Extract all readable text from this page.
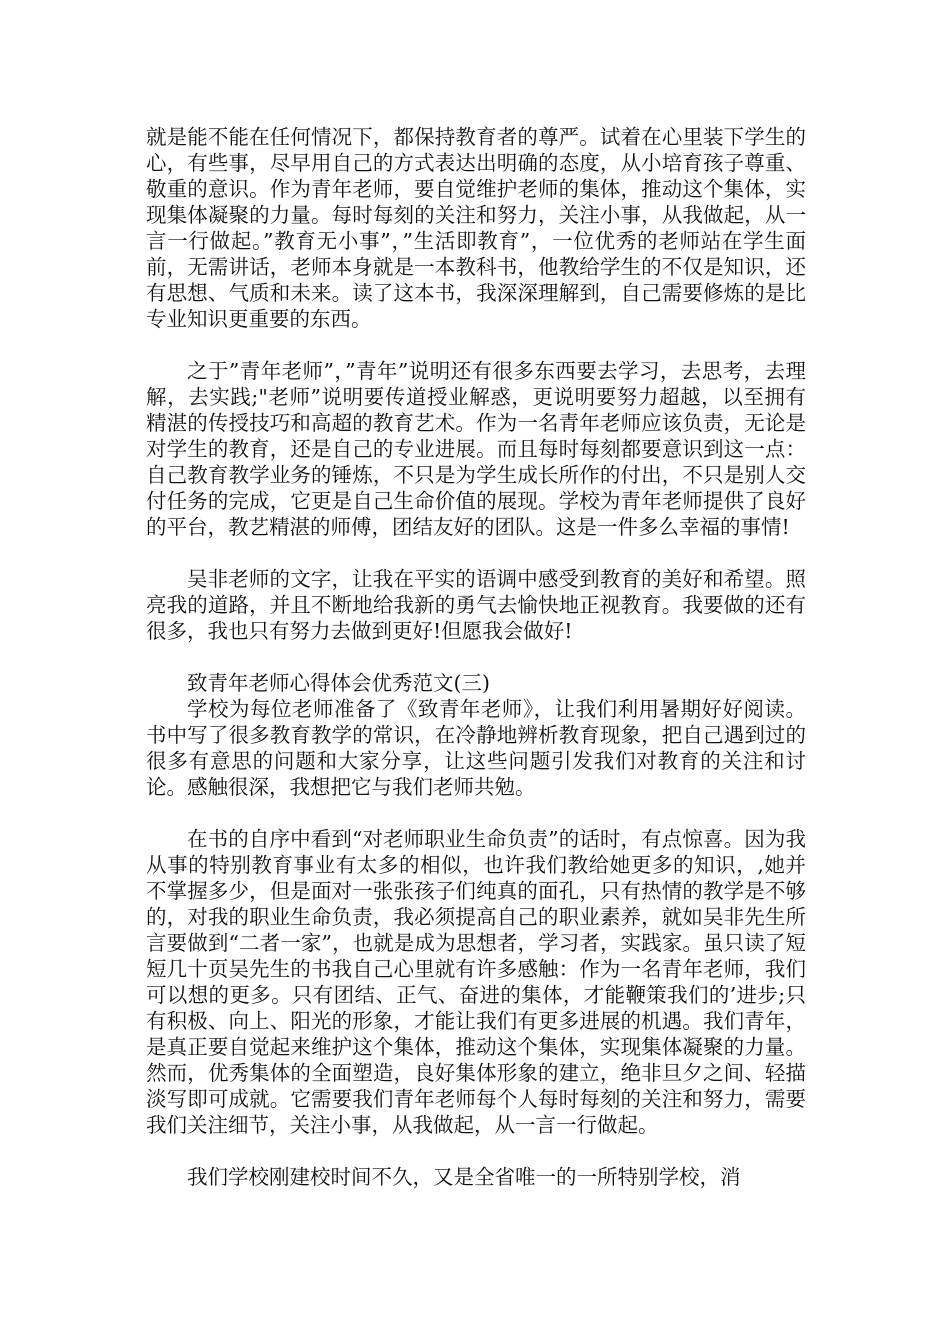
就是能不能在任何情况下，都保持教育者的尊严。试着在心里装下学生的心，有些事，尽早用自己的方式表达出明确的态度，从小培育孩子尊重、敬重的意识。作为青年老师，要自觉维护老师的集体，推动这个集体，实现集体凝聚的力量。每时每刻的关注和努力，关注小事，从我做起，从一言一行做起。”教育无小事”，”生活即教育”，一位优秀的老师站在学生面前，无需讲话，老师本身就是一本教科书，他教给学生的不仅是知识，还有思想、气质和未来。读了这本书，我深深理解到，自己需要修炼的是比专业知识更重要的东西。

之于”青年老师”，”青年”说明还有很多东西要去学习，去思考，去理解，去实践;"老师”说明要传道授业解惑，更说明要努力超越，以至拥有精湛的传授技巧和高超的教育艺术。作为一名青年老师应该负责，无论是对学生的教育，还是自己的专业进展。而且每时每刻都要意识到这一点：自己教育教学业务的锤炼，不只是为学生成长所作的付出，不只是别人交付任务的完成，它更是自己生命价值的展现。学校为青年老师提供了良好的平台，教艺精湛的师傅，团结友好的团队。这是一件多么幸福的事情!

吴非老师的文字，让我在平实的语调中感受到教育的美好和希望。照亮我的道路，并且不断地给我新的勇气去愉快地正视教育。我要做的还有很多，我也只有努力去做到更好!但愿我会做好!

致青年老师心得体会优秀范文(三)

学校为每位老师准备了《致青年老师》，让我们利用暑期好好阅读。书中写了很多教育教学的常识，在冷静地辨析教育现象，把自己遇到过的很多有意思的问题和大家分享，让这些问题引发我们对教育的关注和讨论。感触很深，我想把它与我们老师共勉。

在书的自序中看到“对老师职业生命负责”的话时，有点惊喜。因为我从事的特别教育事业有太多的相似，也许我们教给她更多的知识，,她并不掌握多少，但是面对一张张孩子们纯真的面孔，只有热情的教学是不够的，对我的职业生命负责，我必须提高自己的职业素养，就如吴非先生所言要做到“二者一家”，也就是成为思想者，学习者，实践家。虽只读了短短几十页吴先生的书我自己心里就有许多感触：作为一名青年老师，我们可以想的更多。只有团结、正气、奋进的集体，才能鞭策我们的’进步;只有积极、向上、阳光的形象，才能让我们有更多进展的机遇。我们青年，是真正要自觉起来维护这个集体，推动这个集体，实现集体凝聚的力量。然而，优秀集体的全面塑造，良好集体形象的建立，绝非旦夕之间、轻描淡写即可成就。它需要我们青年老师每个人每时每刻的关注和努力，需要我们关注细节，关注小事，从我做起，从一言一行做起。

我们学校刚建校时间不久，又是全省唯一的一所特别学校，消
